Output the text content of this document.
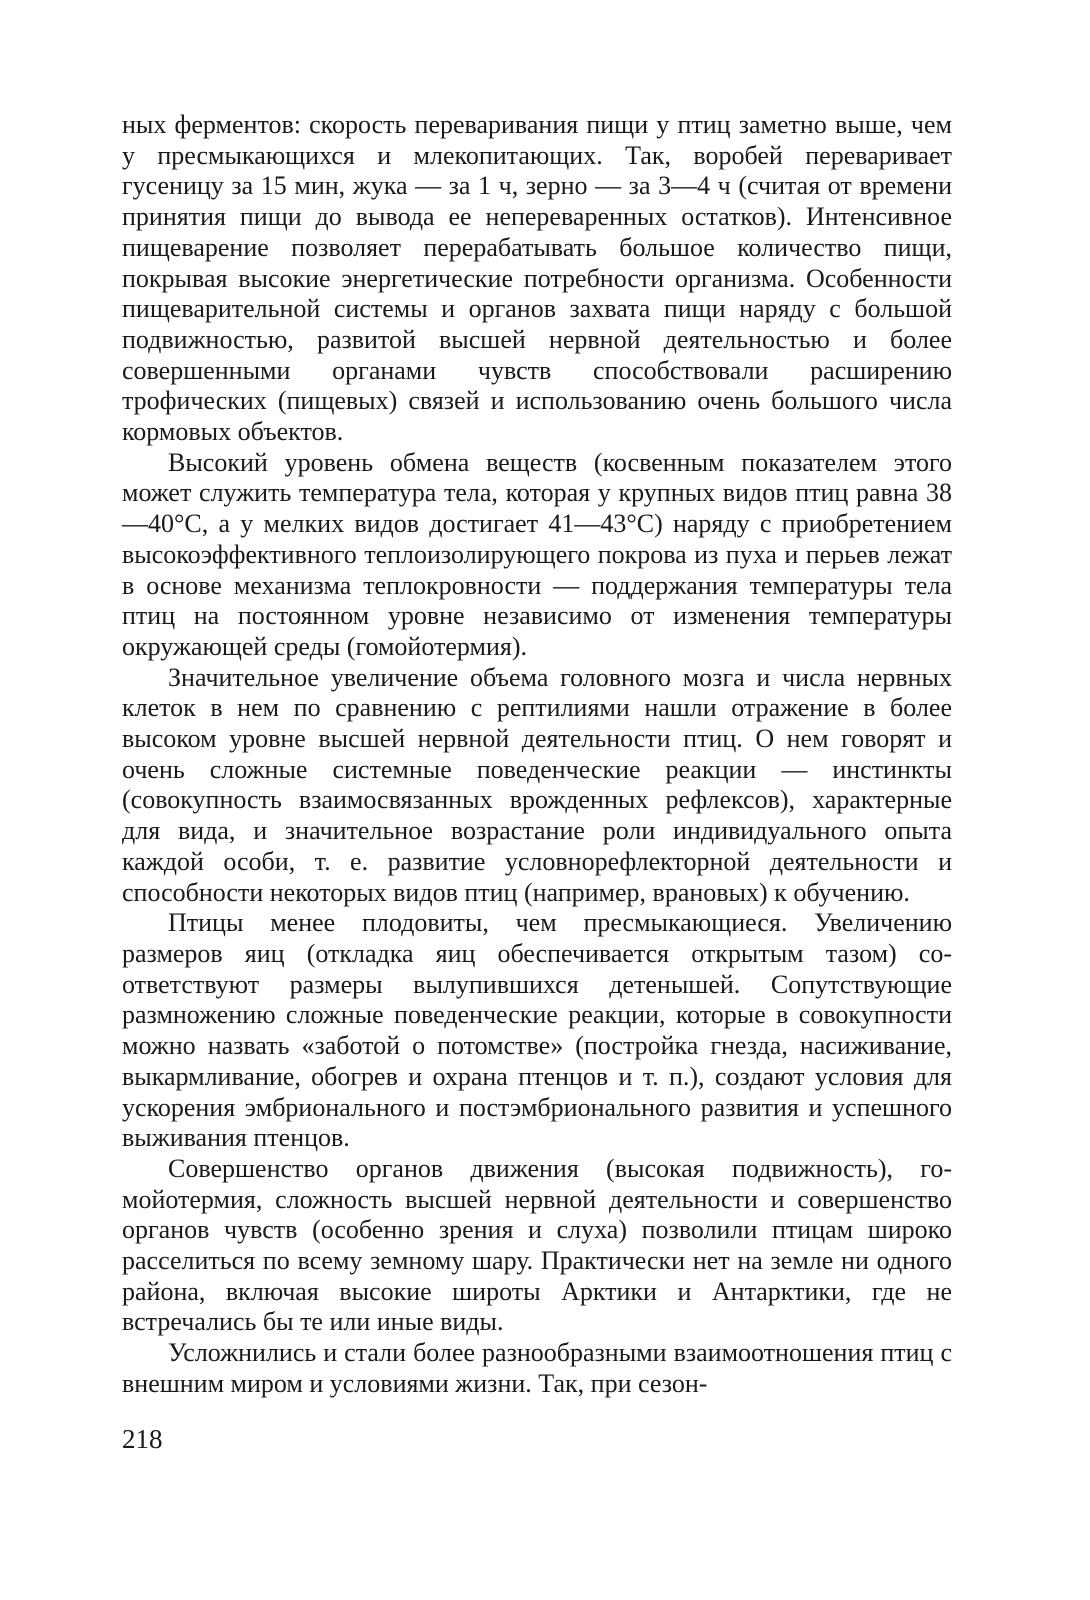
ных ферментов: скорость переваривания пищи у птиц заметно выше, чем у пресмыкающихся и млекопитающих. Так, воробей переваривает гусеницу за 15 мин, жука — за 1 ч, зерно — за 3—4 ч (считая от времени принятия пищи до вывода ее непереваренных остатков). Интенсивное пищеварение позволяет перерабатывать большое количество пищи, покрывая высокие энергетические потребности организма. Особенности пищеварительной системы и органов захвата пищи наряду с большой подвижностью, развитой высшей нервной деятельностью и более совершенными органами чувств способствовали расширению трофических (пищевых) связей и использованию очень большого числа кормовых объектов.

Высокий уровень обмена веществ (косвенным показателем этого может служить температура тела, которая у крупных видов птиц равна 38—40°С, а у мелких видов достигает 41—43°С) наряду с приобретением высокоэффективного теплоизолирующего покрова из пуха и перьев лежат в основе механизма теплокровности — поддержания температуры тела птиц на постоянном уровне независимо от изменения температуры окружающей среды (гомойотермия).

Значительное увеличение объема головного мозга и числа нервных клеток в нем по сравнению с рептилиями нашли отражение в более высоком уровне высшей нервной деятельности птиц. О нем говорят и очень сложные системные поведенческие реакции — инстинкты (совокупность взаимосвязанных врожденных рефлексов), характерные для вида, и значительное возрастание роли индивидуального опыта каждой особи, т. е. развитие условнорефлекторной деятельности и способности некоторых видов птиц (например, врановых) к обучению.

Птицы менее плодовиты, чем пресмыкающиеся. Увеличению размеров яиц (откладка яиц обеспечивается открытым тазом) соответствуют размеры вылупившихся детенышей. Сопутствующие размножению сложные поведенческие реакции, которые в совокупности можно назвать «заботой о потомстве» (постройка гнезда, насиживание, выкармливание, обогрев и охрана птенцов и т. п.), создают условия для ускорения эмбрионального и постэмбрионального развития и успешного выживания птенцов.

Совершенство органов движения (высокая подвижность), гомойотермия, сложность высшей нервной деятельности и совершенство органов чувств (особенно зрения и слуха) позволили птицам широко расселиться по всему земному шару. Практически нет на земле ни одного района, включая высокие широты Арктики и Антарктики, где не встречались бы те или иные виды.

Усложнились и стали более разнообразными взаимоотношения птиц с внешним миром и условиями жизни. Так, при сезон-

218
